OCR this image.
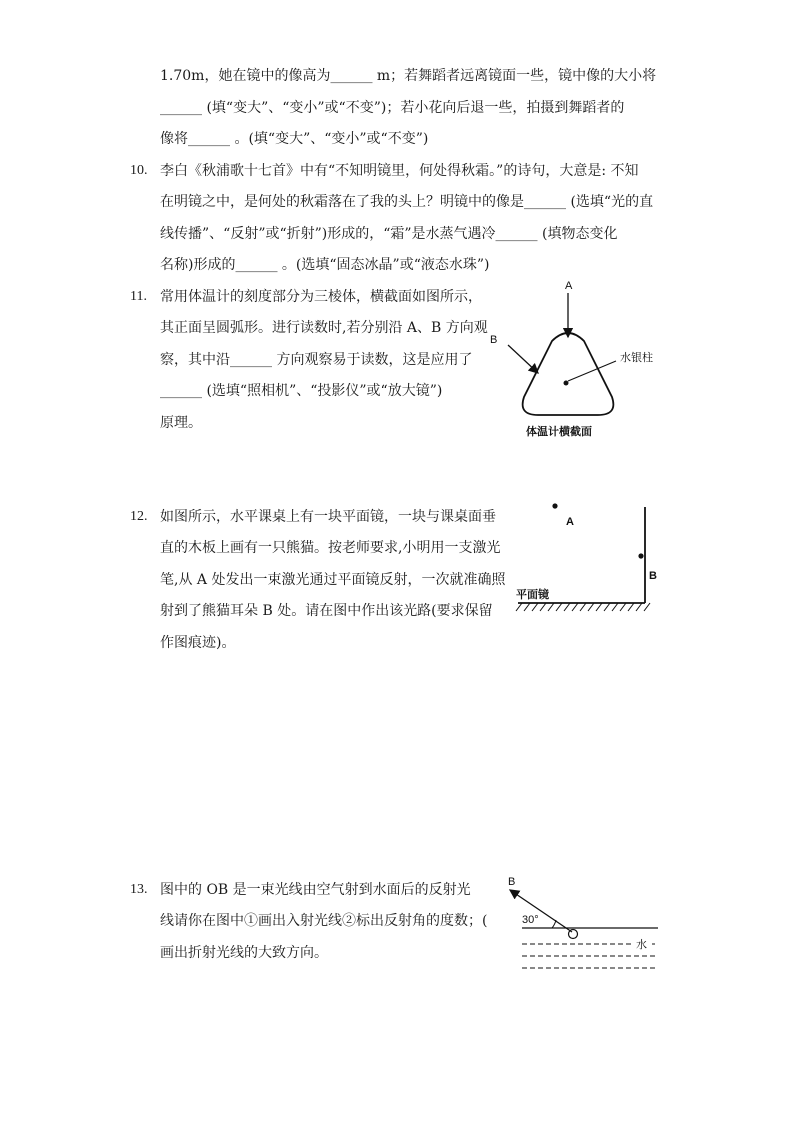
1.70m，她在镜中的像高为______ m；若舞蹈者远离镜面一些，镜中像的大小将
______ (填“变大”、“变小”或“不变”)；若小花向后退一些，拍摄到舞蹈者的
像将______ 。(填“变大”、“变小”或“不变”)
10. 李白《秋浦歌十七首》中有“不知明镜里，何处得秋霜。”的诗句，大意是: 不知
在明镜之中，是何处的秋霜落在了我的头上？明镜中的像是______ (选填“光的直
线传播”、“反射”或“折射”)形成的，“霜”是水蒸气遇冷______ (填物态变化
名称)形成的______ 。(选填“固态冰晶”或“液态水珠”)
11. 常用体温计的刻度部分为三棱体，横截面如图所示，
其正面呈圆弧形。进行读数时,若分别沿 A、B 方向观
察，其中沿______ 方向观察易于读数，这是应用了
______ (选填“照相机”、“投影仪”或“放大镜”)
原理。
A
B
水银柱
体温计横截面
12. 如图所示，水平课桌上有一块平面镜，一块与课桌面垂
直的木板上画有一只熊猫。按老师要求,小明用一支激光
笔,从 A 处发出一束激光通过平面镜反射，一次就准确照
射到了熊猫耳朵 B 处。请在图中作出该光路(要求保留
作图痕迹)。
A
B
平面镜
13. 图中的 OB 是一束光线由空气射到水面后的反射光
线请你在图中①画出入射光线②标出反射角的度数；(
画出折射光线的大致方向。
B
30°
水
